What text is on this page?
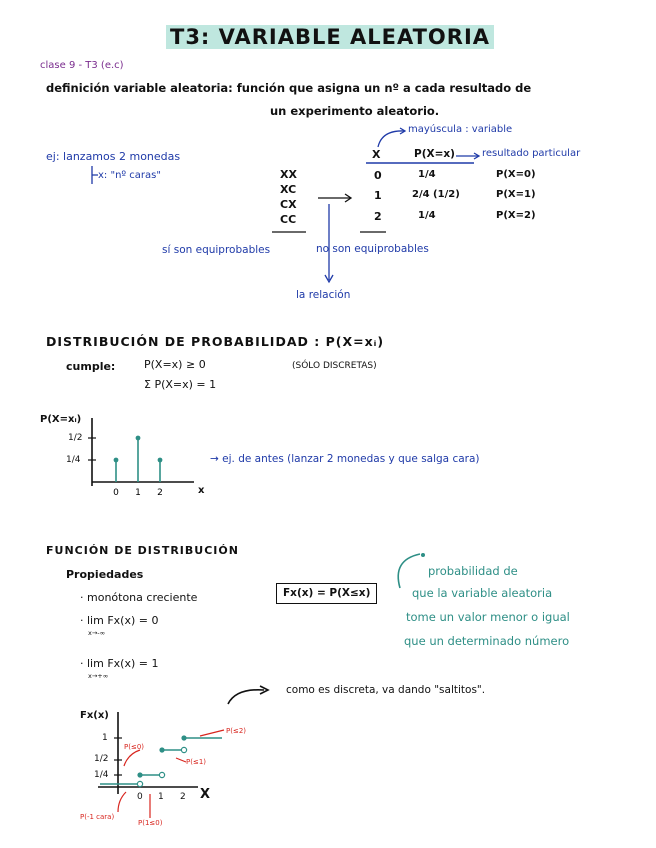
T3: VARIABLE ALEATORIA
clase 9 - T3 (e.c)
definición variable aleatoria: función que asigna un nº a cada resultado de
un experimento aleatorio.
ej: lanzamos 2 monedas
x: "nº caras"	XX
XC
CX
CC
mayúscula : variable
X	P(X=x)	resultado particular
0	1/4	P(X=0)
1	2/4 (1/2)	P(X=1)
2	1/4	P(X=2)
sí son equiprobables	no son equiprobables
la relación
DISTRIBUCIÓN DE PROBABILIDAD : P(X=xᵢ)
cumple:	P(X=x) ≥ 0
Σ P(X=x) = 1
(SÓLO DISCRETAS)
P(X=xᵢ)
1/2
1/4
x
→ ej. de antes (lanzar 2 monedas y que salga cara)
0 1 2
FUNCIÓN DE DISTRIBUCIÓN
Propiedades
· monótona creciente
· lim Fx(x) = 0
x→-∞
· lim Fx(x) = 1
x→+∞
Fx(x) = P(X≤x)
probabilidad de
que la variable aleatoria
tome un valor menor o igual
que un determinado número
como es discreta, va dando "saltitos".
Fx(x)
1
1/2
1/4
0 1 2 X
P(≤2)
P(≤0)
P(≤1)
P(-1 cara)
P(1≤0)
